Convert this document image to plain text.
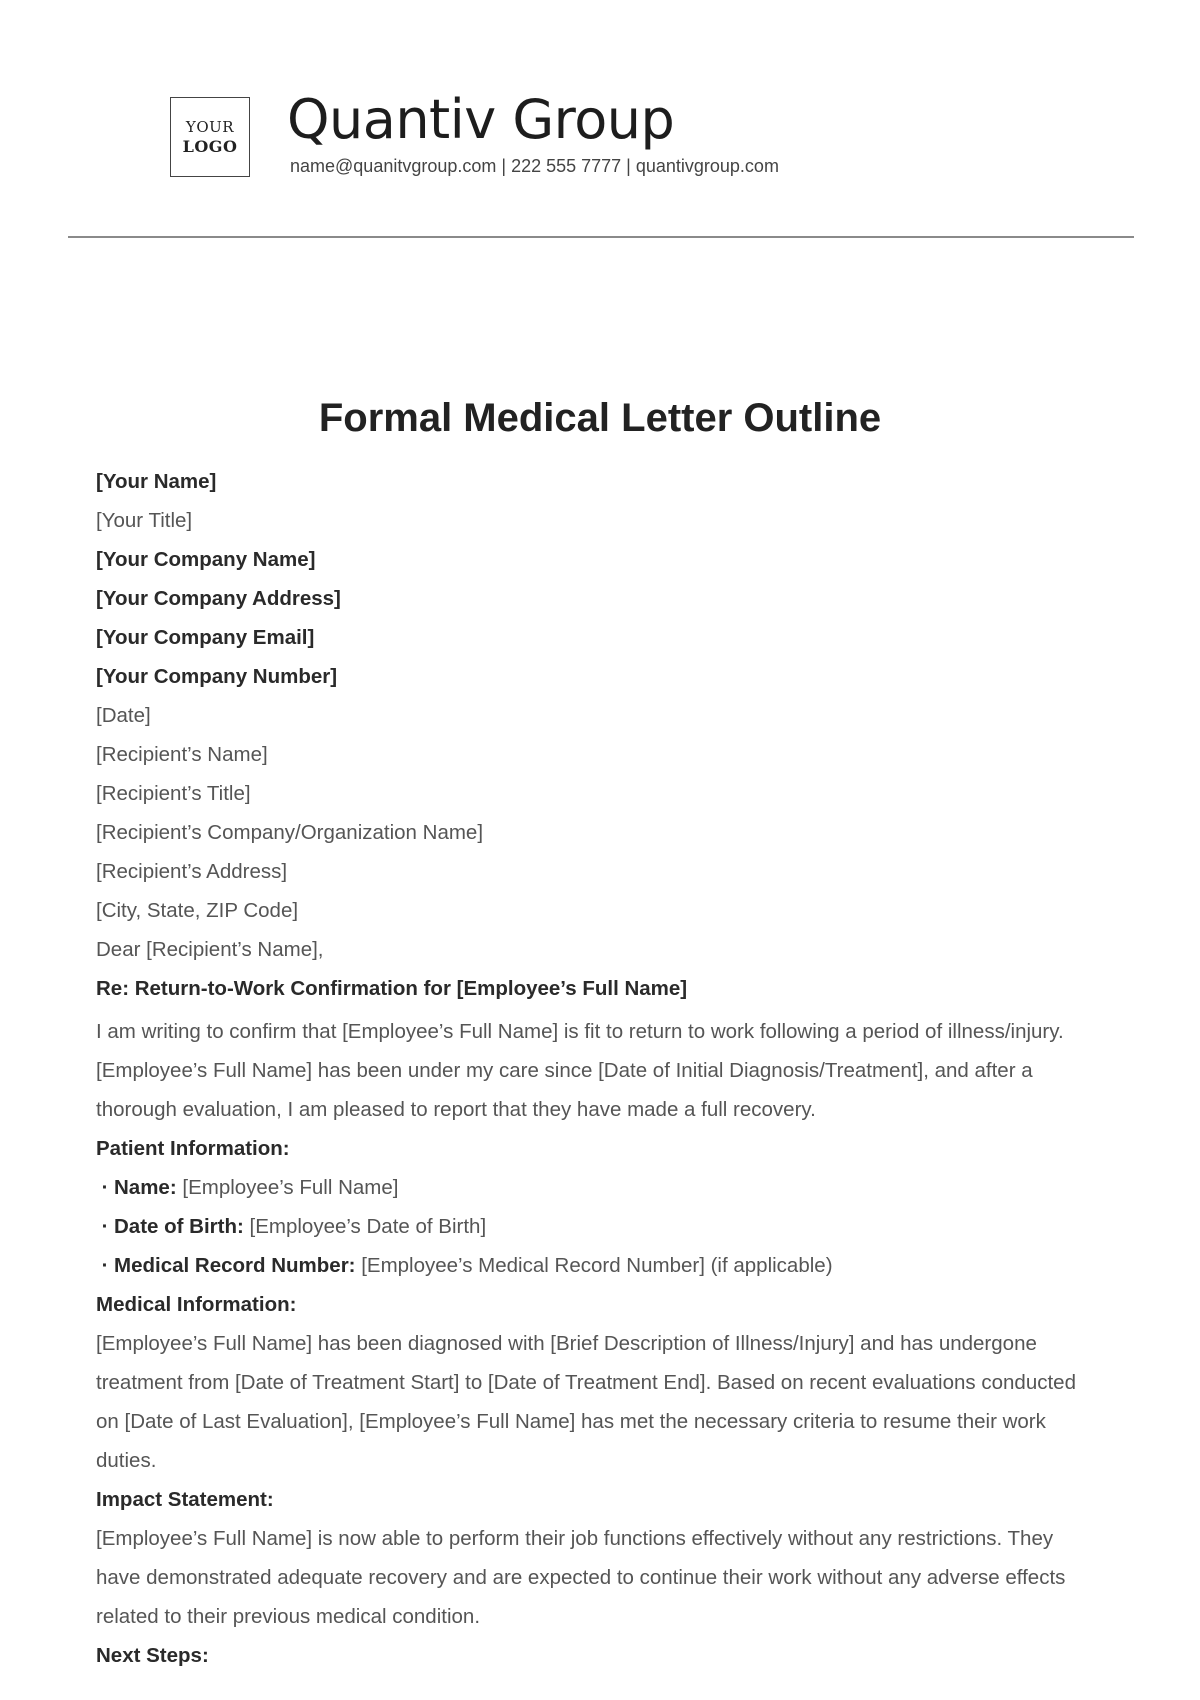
YOUR
LOGO Quantiv Group
name@quanitvgroup.com | 222 555 7777 | quantivgroup.com
Formal Medical Letter Outline
[Your Name]
[Your Title]
[Your Company Name]
[Your Company Address]
[Your Company Email]
[Your Company Number]
[Date]
[Recipient’s Name]
[Recipient’s Title]
[Recipient’s Company/Organization Name]
[Recipient’s Address]
[City, State, ZIP Code]
Dear [Recipient’s Name],
Re: Return-to-Work Confirmation for [Employee’s Full Name]

I am writing to confirm that [Employee’s Full Name] is fit to return to work following a period of illness/injury. [Employee’s Full Name] has been under my care since [Date of Initial Diagnosis/Treatment], and after a thorough evaluation, I am pleased to report that they have made a full recovery.

Patient Information:
· Name: [Employee’s Full Name]
· Date of Birth: [Employee’s Date of Birth]
· Medical Record Number: [Employee’s Medical Record Number] (if applicable)
Medical Information:

[Employee’s Full Name] has been diagnosed with [Brief Description of Illness/Injury] and has undergone treatment from [Date of Treatment Start] to [Date of Treatment End]. Based on recent evaluations conducted on [Date of Last Evaluation], [Employee’s Full Name] has met the necessary criteria to resume their work duties.

Impact Statement:

[Employee’s Full Name] is now able to perform their job functions effectively without any restrictions. They have demonstrated adequate recovery and are expected to continue their work without any adverse effects related to their previous medical condition.

Next Steps:
